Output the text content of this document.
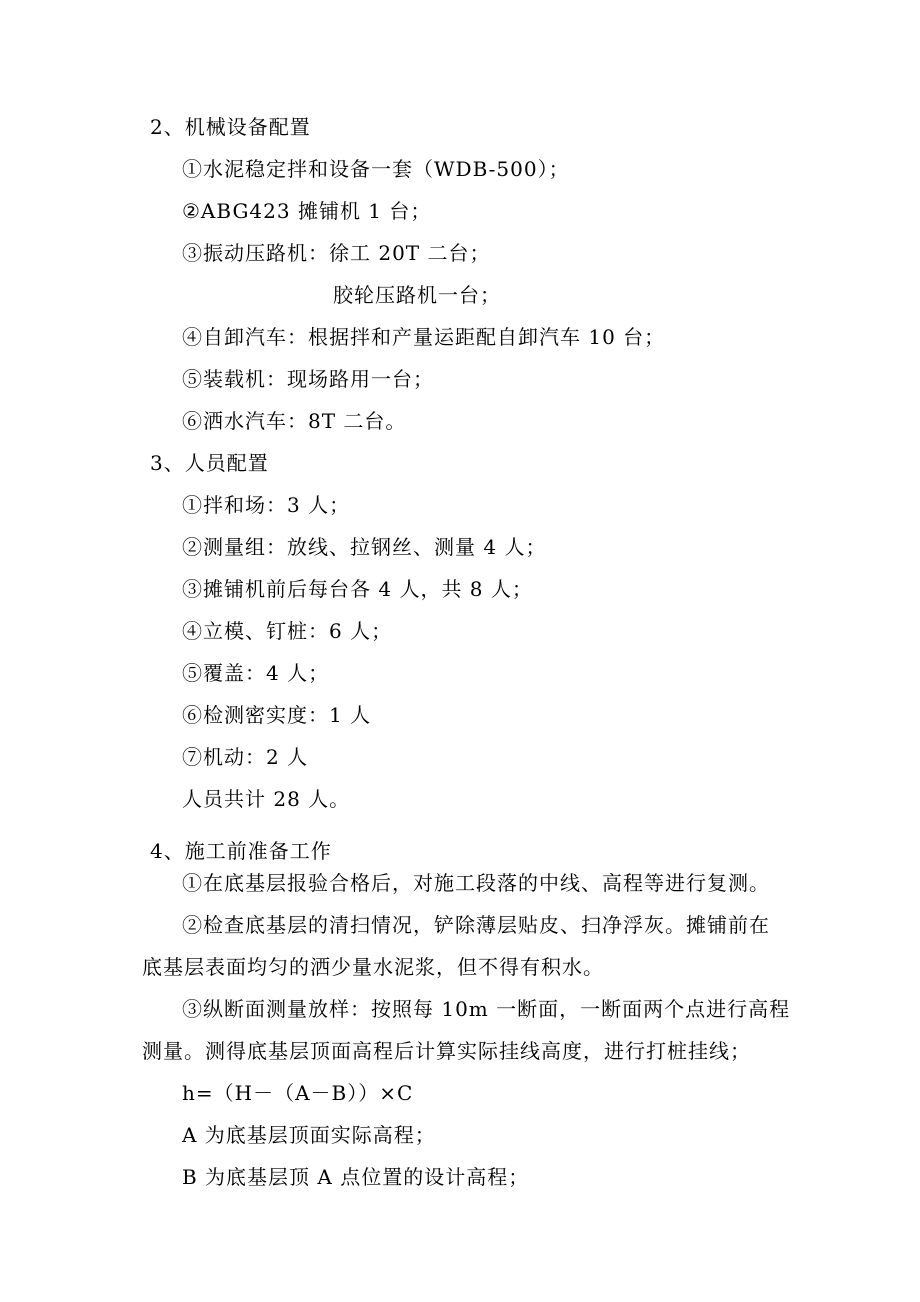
2、机械设备配置
①水泥稳定拌和设备一套（WDB-500）；
②ABG423 摊铺机 1 台；
③振动压路机：徐工 20T 二台；
胶轮压路机一台；
④自卸汽车：根据拌和产量运距配自卸汽车 10 台；
⑤装载机：现场路用一台；
⑥洒水汽车：8T 二台。
3、人员配置
①拌和场：3 人；
②测量组：放线、拉钢丝、测量 4 人；
③摊铺机前后每台各 4 人，共 8 人；
④立模、钉桩：6 人；
⑤覆盖：4 人；
⑥检测密实度：1 人
⑦机动：2 人
人员共计 28 人。
4、施工前准备工作
①在底基层报验合格后，对施工段落的中线、高程等进行复测。
②检查底基层的清扫情况，铲除薄层贴皮、扫净浮灰。摊铺前在
底基层表面均匀的洒少量水泥浆，但不得有积水。
③纵断面测量放样：按照每 10m 一断面，一断面两个点进行高程
测量。测得底基层顶面高程后计算实际挂线高度，进行打桩挂线；
h=（H－（A－B））×C
A 为底基层顶面实际高程；
B 为底基层顶 A 点位置的设计高程；
